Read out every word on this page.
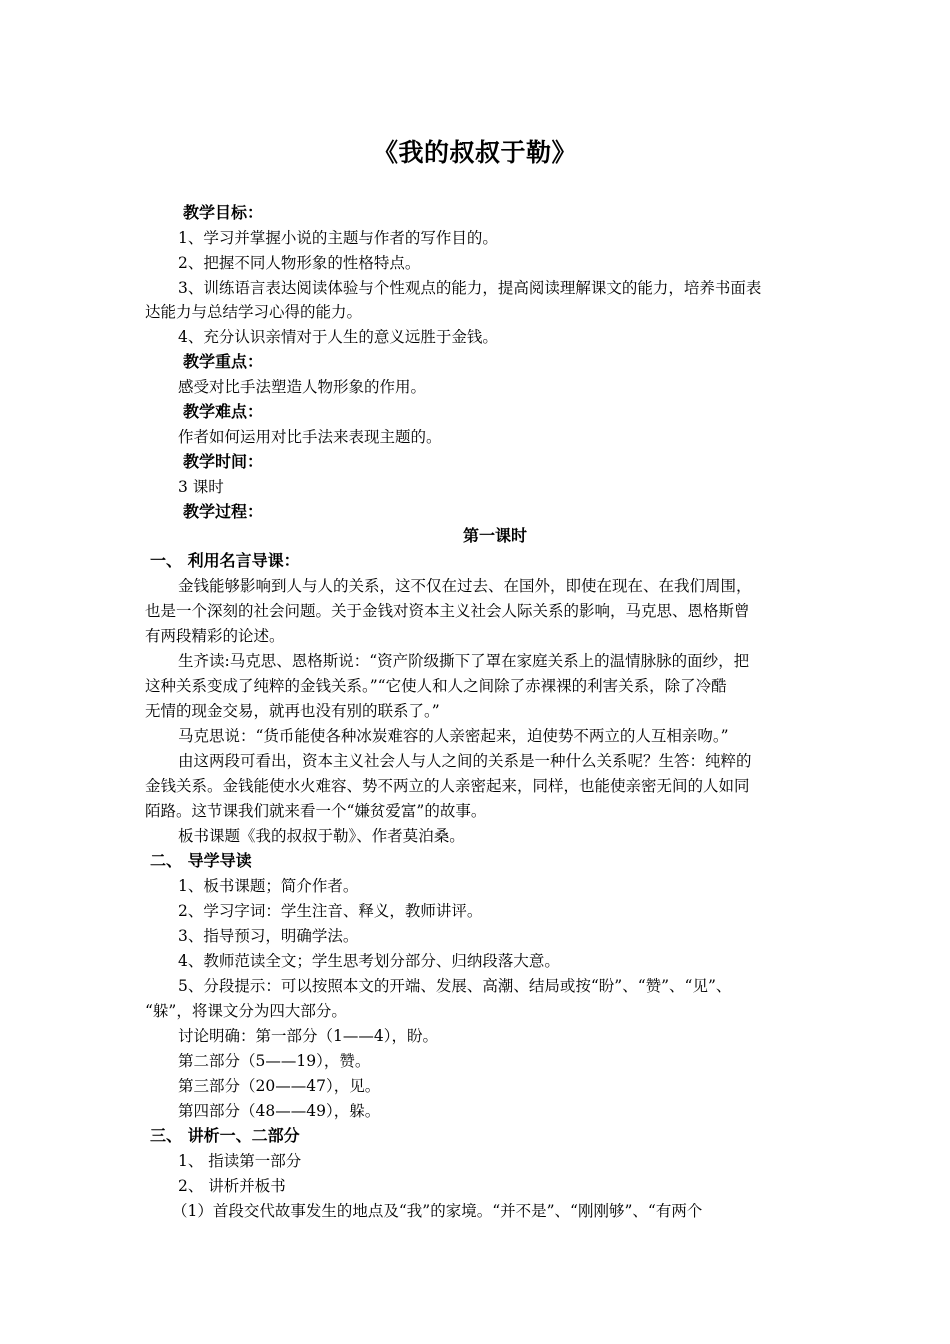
《我的叔叔于勒》
教学目标：
1、学习并掌握小说的主题与作者的写作目的。
2、把握不同人物形象的性格特点。
3、训练语言表达阅读体验与个性观点的能力，提高阅读理解课文的能力，培养书面表
达能力与总结学习心得的能力。
4、充分认识亲情对于人生的意义远胜于金钱。
教学重点：
感受对比手法塑造人物形象的作用。
教学难点：
作者如何运用对比手法来表现主题的。
教学时间：
3 课时
教学过程：
第一课时
一、 利用名言导课：
金钱能够影响到人与人的关系，这不仅在过去、在国外，即使在现在、在我们周围，
也是一个深刻的社会问题。关于金钱对资本主义社会人际关系的影响，马克思、恩格斯曾
有两段精彩的论述。
生齐读:马克思、恩格斯说：“资产阶级撕下了罩在家庭关系上的温情脉脉的面纱，把
这种关系变成了纯粹的金钱关系。”“它使人和人之间除了赤裸裸的利害关系，除了冷酷
无情的现金交易，就再也没有别的联系了。”
马克思说：“货币能使各种冰炭难容的人亲密起来，迫使势不两立的人互相亲吻。”
由这两段可看出，资本主义社会人与人之间的关系是一种什么关系呢？生答：纯粹的
金钱关系。金钱能使水火难容、势不两立的人亲密起来，同样，也能使亲密无间的人如同
陌路。这节课我们就来看一个“嫌贫爱富”的故事。
板书课题《我的叔叔于勒》、作者莫泊桑。
二、 导学导读
1、板书课题；简介作者。
2、学习字词：学生注音、释义，教师讲评。
3、指导预习，明确学法。
4、教师范读全文；学生思考划分部分、归纳段落大意。
5、分段提示：可以按照本文的开端、发展、高潮、结局或按“盼”、“赞”、“见”、
“躲”，将课文分为四大部分。
讨论明确：第一部分（1——4），盼。
第二部分（5——19），赞。
第三部分（20——47），见。
第四部分（48——49），躲。
三、 讲析一、二部分
1、 指读第一部分
2、 讲析并板书
（1）首段交代故事发生的地点及“我”的家境。“并不是”、“刚刚够”、“有两个
